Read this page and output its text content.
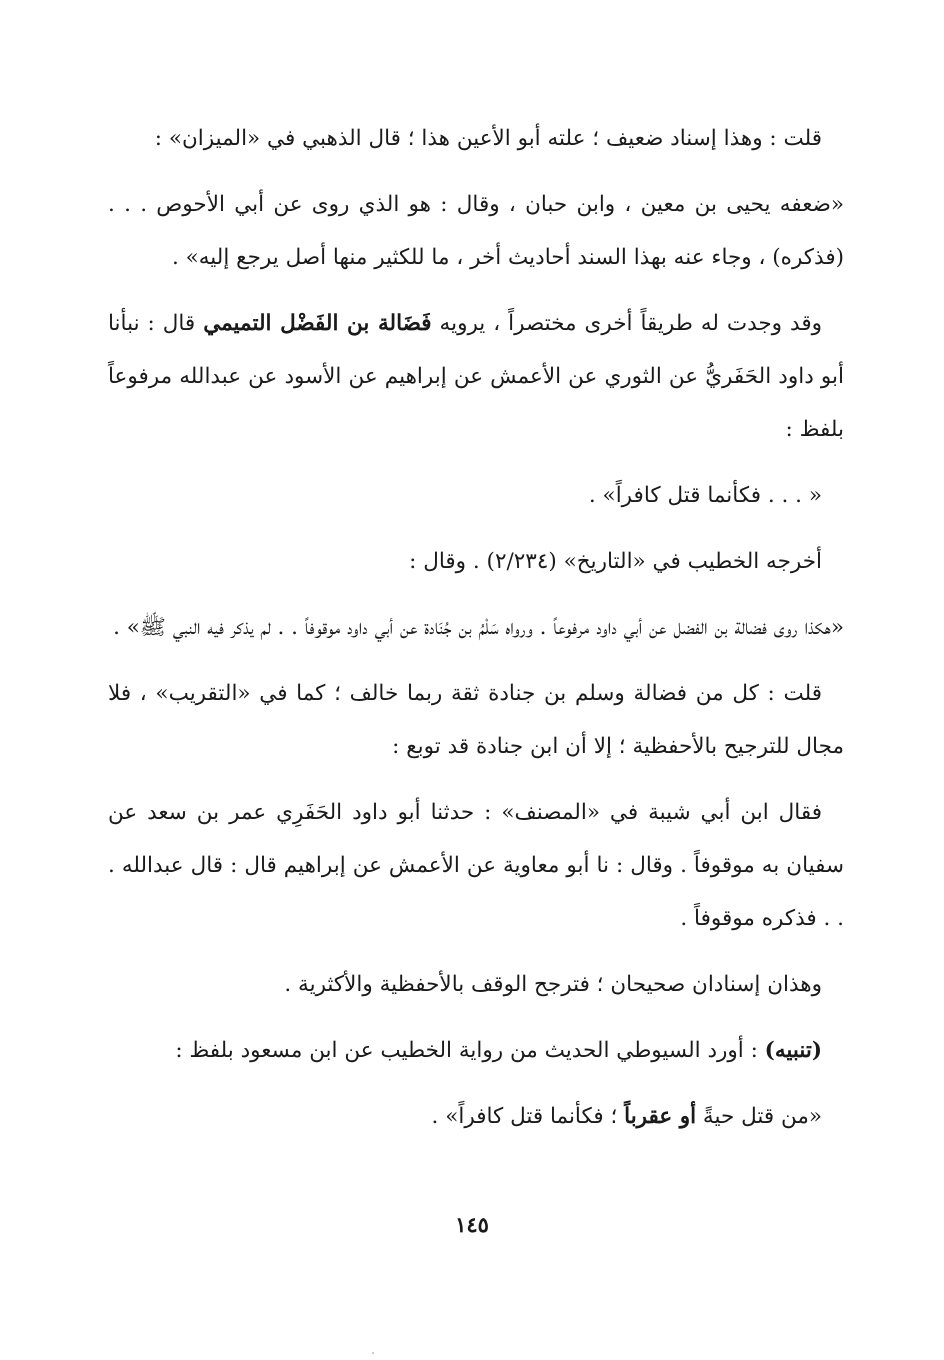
قلت : وهذا إسناد ضعيف ؛ علته أبو الأعين هذا ؛ قال الذهبي في «الميزان» :

«ضعفه يحيى بن معين ، وابن حبان ، وقال : هو الذي روى عن أبي الأحوص . . . (فذكره) ، وجاء عنه بهذا السند أحاديث أخر ، ما للكثير منها أصل يرجع إليه» .

وقد وجدت له طريقاً أخرى مختصراً ، يرويه فَضَالة بن الفَضْل التميمي قال : نبأنا أبو داود الحَفَريُّ عن الثوري عن الأعمش عن إبراهيم عن الأسود عن عبدالله مرفوعاً بلفظ :

« . . . فكأنما قتل كافراً» .

أخرجه الخطيب في «التاريخ» (٢/٢٣٤) . وقال :

«هكذا روى فضالة بن الفضل عن أبي داود مرفوعاً . ورواه سَلْمُ بن جُنَادة عن أبي داود موقوفاً . . لم يذكر فيه النبي ﷺ» .

قلت : كل من فضالة وسلم بن جنادة ثقة ربما خالف ؛ كما في «التقريب» ، فلا مجال للترجيح بالأحفظية ؛ إلا أن ابن جنادة قد توبع :

فقال ابن أبي شيبة في «المصنف» : حدثنا أبو داود الحَفَرِي عمر بن سعد عن سفيان به موقوفاً . وقال : نا أبو معاوية عن الأعمش عن إبراهيم قال : قال عبدالله . . . فذكره موقوفاً .

وهذان إسنادان صحيحان ؛ فترجح الوقف بالأحفظية والأكثرية .

(تنبيه) : أورد السيوطي الحديث من رواية الخطيب عن ابن مسعود بلفظ :

«من قتل حيةً أو عقرباً ؛ فكأنما قتل كافراً» .

١٤٥
